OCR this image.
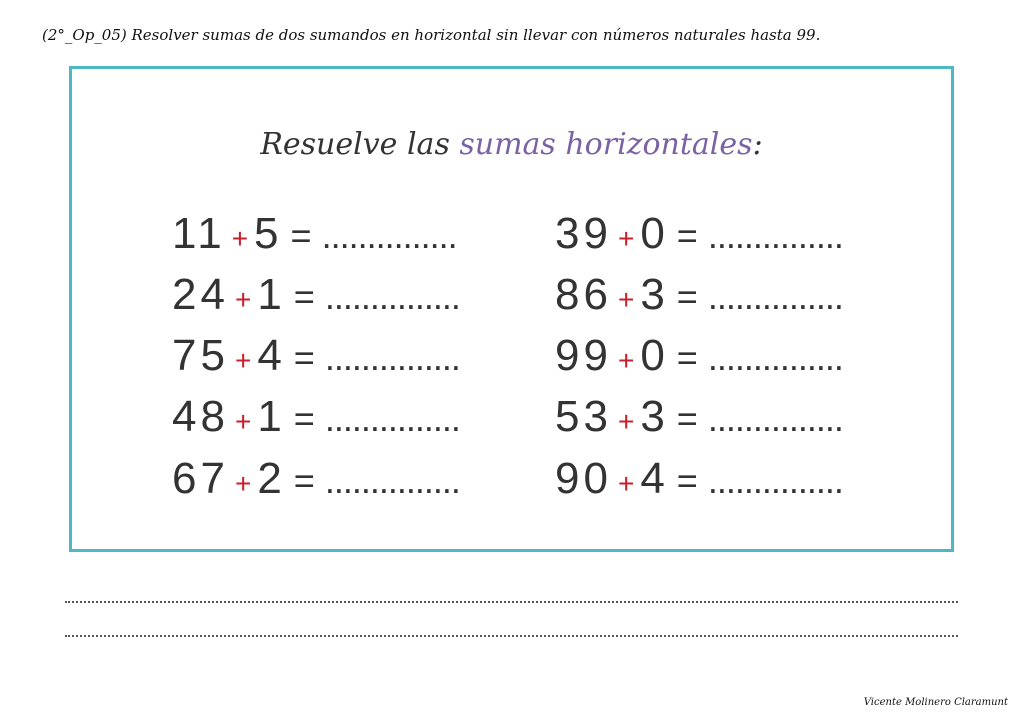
(2°_Op_05) Resolver sumas de dos sumandos en horizontal sin llevar con números naturales hasta 99.
Resuelve las sumas horizontales:
11 + 5 = ...............
24 + 1 = ...............
75 + 4 = ...............
48 + 1 = ...............
67 + 2 = ...............
39 + 0 = ...............
86 + 3 = ...............
99 + 0 = ...............
53 + 3 = ...............
90 + 4 = ...............
Vicente Molinero Claramunt
